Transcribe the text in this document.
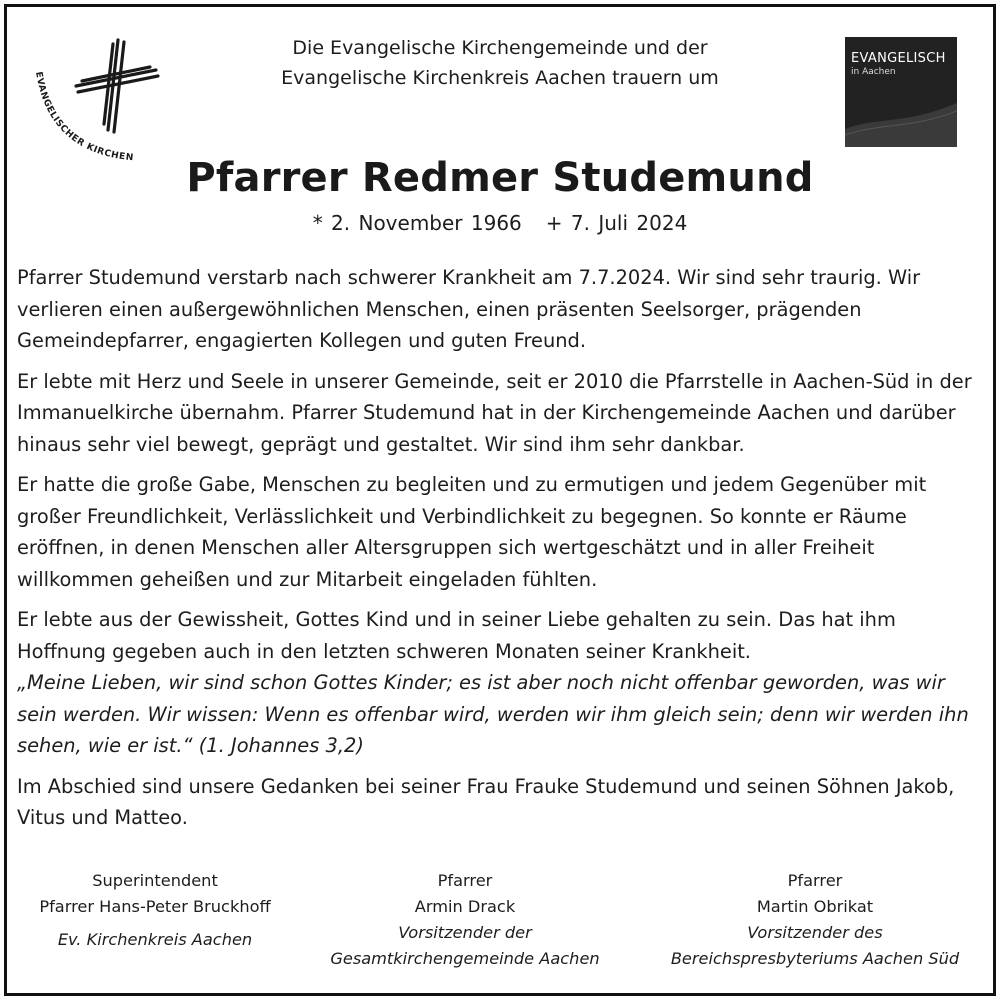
EVANGELISCHER KIRCHEN
EVANGELISCH
in Aachen
Die Evangelische Kirchengemeinde und der
Evangelische Kirchenkreis Aachen trauern um
Pfarrer Redmer Studemund
* 2. November 1966 + 7. Juli 2024

Pfarrer Studemund verstarb nach schwerer Krankheit am 7.7.2024. Wir sind sehr traurig. Wir verlieren einen außergewöhnlichen Menschen, einen präsenten Seelsorger, prägenden Gemeindepfarrer, engagierten Kollegen und guten Freund.

Er lebte mit Herz und Seele in unserer Gemeinde, seit er 2010 die Pfarrstelle in Aachen-Süd in der Immanuelkirche übernahm. Pfarrer Studemund hat in der Kirchengemeinde Aachen und darüber hinaus sehr viel bewegt, geprägt und gestaltet. Wir sind ihm sehr dankbar.

Er hatte die große Gabe, Menschen zu begleiten und zu ermutigen und jedem Gegenüber mit großer Freundlichkeit, Verlässlichkeit und Verbindlichkeit zu begegnen. So konnte er Räume eröffnen, in denen Menschen aller Altersgruppen sich wertgeschätzt und in aller Freiheit willkommen geheißen und zur Mitarbeit eingeladen fühlten.

Er lebte aus der Gewissheit, Gottes Kind und in seiner Liebe gehalten zu sein. Das hat ihm Hoffnung gegeben auch in den letzten schweren Monaten seiner Krankheit.
„Meine Lieben, wir sind schon Gottes Kinder; es ist aber noch nicht offenbar geworden, was wir sein werden. Wir wissen: Wenn es offenbar wird, werden wir ihm gleich sein; denn wir werden ihn sehen, wie er ist.“ (1. Johannes 3,2)

Im Abschied sind unsere Gedanken bei seiner Frau Frauke Studemund und seinen Söhnen Jakob, Vitus und Matteo.

Superintendent
Pfarrer Hans-Peter Bruckhoff
Ev. Kirchenkreis Aachen
Pfarrer
Armin Drack
Vorsitzender der
Gesamtkirchengemeinde Aachen
Pfarrer
Martin Obrikat
Vorsitzender des
Bereichspresbyteriums Aachen Süd
